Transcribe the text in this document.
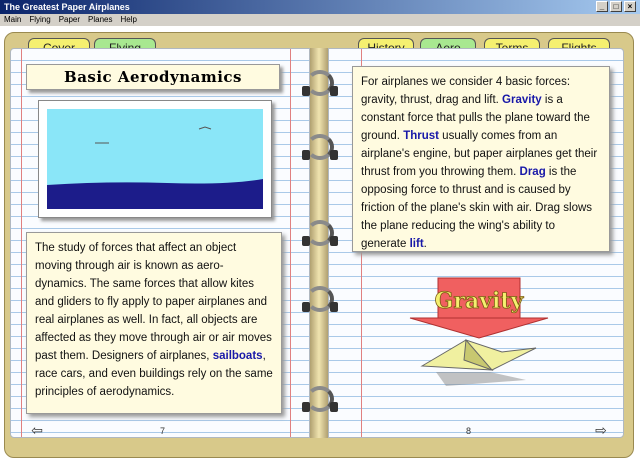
The Greatest Paper Airplanes	_	□	×
Main Flying Paper Planes Help
Basic Aerodynamics
The study of forces that affect an object moving through air is known as aero-dynamics. The same forces that allow kites and gliders to fly apply to paper airplanes and real airplanes as well. In fact, all objects are affected as they move through air or air moves past them. Designers of airplanes, sailboats, race cars, and even buildings rely on the same principles of aerodynamics.
For airplanes we consider 4 basic forces: gravity, thrust, drag and lift. Gravity is a constant force that pulls the plane toward the ground. Thrust usually comes from an airplane's engine, but paper airplanes get their thrust from you throwing them. Drag is the opposing force to thrust and is caused by friction of the plane's skin with air. Drag slows the plane reducing the wing's ability to generate lift.
Gravity
7	8
⇦	⇨
